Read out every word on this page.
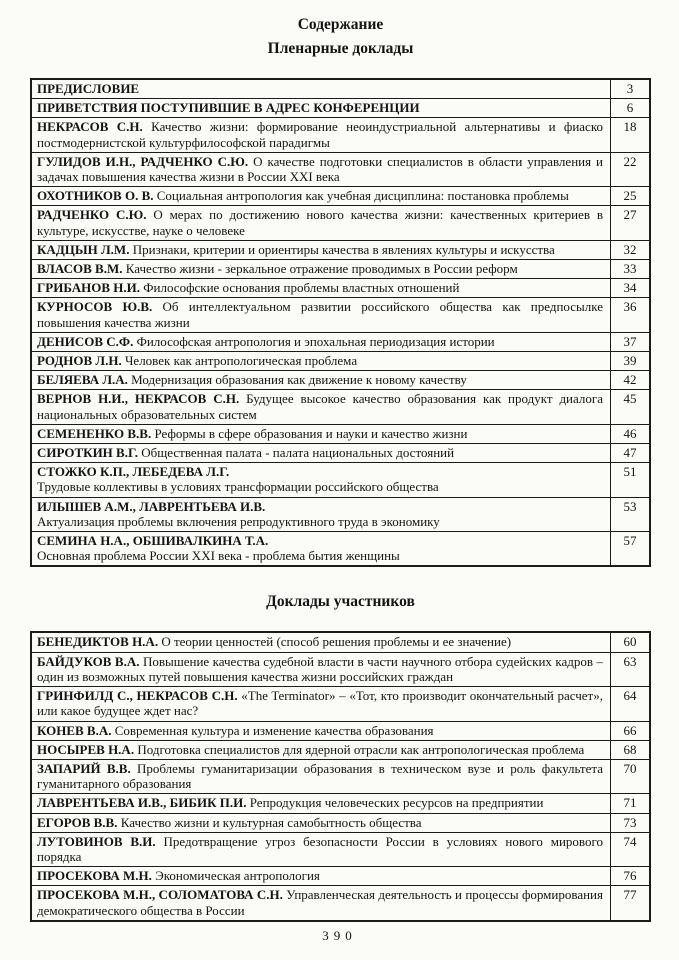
Содержание
Пленарные доклады
ПРЕДИСЛОВИЕ	3
ПРИВЕТСТВИЯ ПОСТУПИВШИЕ В АДРЕС КОНФЕРЕНЦИИ	6
НЕКРАСОВ С.Н. Качество жизни: формирование неоиндустриальной альтернативы и фиаско постмодернистской культурфилософской парадигмы	18
ГУЛИДОВ И.Н., РАДЧЕНКО С.Ю. О качестве подготовки специалистов в области управления и задачах повышения качества жизни в России XXI века	22
ОХОТНИКОВ О. В. Социальная антропология как учебная дисциплина: постановка проблемы	25
РАДЧЕНКО С.Ю. О мерах по достижению нового качества жизни: качественных критериев в культуре, искусстве, науке о человеке	27
КАДЦЫН Л.М. Признаки, критерии и ориентиры качества в явлениях культуры и искусства	32
ВЛАСОВ В.М. Качество жизни - зеркальное отражение проводимых в России реформ	33
ГРИБАНОВ Н.И. Философские основания проблемы властных отношений	34
КУРНОСОВ Ю.В. Об интеллектуальном развитии российского общества как предпосылке повышения качества жизни	36
ДЕНИСОВ С.Ф. Философская антропология и эпохальная периодизация истории	37
РОДНОВ Л.Н. Человек как антропологическая проблема	39
БЕЛЯЕВА Л.А. Модернизация образования как движение к новому качеству	42
ВЕРНОВ Н.И., НЕКРАСОВ С.Н. Будущее высокое качество образования как продукт диалога национальных образовательных систем	45
СЕМЕНЕНКО В.В. Реформы в сфере образования и науки и качество жизни	46
СИРОТКИН В.Г. Общественная палата - палата национальных достояний	47
СТОЖКО К.П., ЛЕБЕДЕВА Л.Г.
Трудовые коллективы в условиях трансформации российского общества	51
ИЛЫШЕВ А.М., ЛАВРЕНТЬЕВА И.В.
Актуализация проблемы включения репродуктивного труда в экономику	53
СЕМИНА Н.А., ОБШИВАЛКИНА Т.А.
Основная проблема России XXI века - проблема бытия женщины	57
Доклады участников
БЕНЕДИКТОВ Н.А. О теории ценностей (способ решения проблемы и ее значение)	60
БАЙДУКОВ В.А. Повышение качества судебной власти в части научного отбора судейских кадров – один из возможных путей повышения качества жизни российских граждан	63
ГРИНФИЛД С., НЕКРАСОВ С.Н. «The Terminator» – «Тот, кто производит окончательный расчет», или какое будущее ждет нас?	64
КОНЕВ В.А. Современная культура и изменение качества образования	66
НОСЫРЕВ Н.А. Подготовка специалистов для ядерной отрасли как антропологическая проблема	68
ЗАПАРИЙ В.В. Проблемы гуманитаризации образования в техническом вузе и роль факультета гуманитарного образования	70
ЛАВРЕНТЬЕВА И.В., БИБИК П.И. Репродукция человеческих ресурсов на предприятии	71
ЕГОРОВ В.В. Качество жизни и культурная самобытность общества	73
ЛУТОВИНОВ В.И. Предотвращение угроз безопасности России в условиях нового мирового порядка	74
ПРОСЕКОВА М.Н. Экономическая антропология	76
ПРОСЕКОВА М.Н., СОЛОМАТОВА С.Н. Управленческая деятельность и процессы формирования демократического общества в России	77
390
